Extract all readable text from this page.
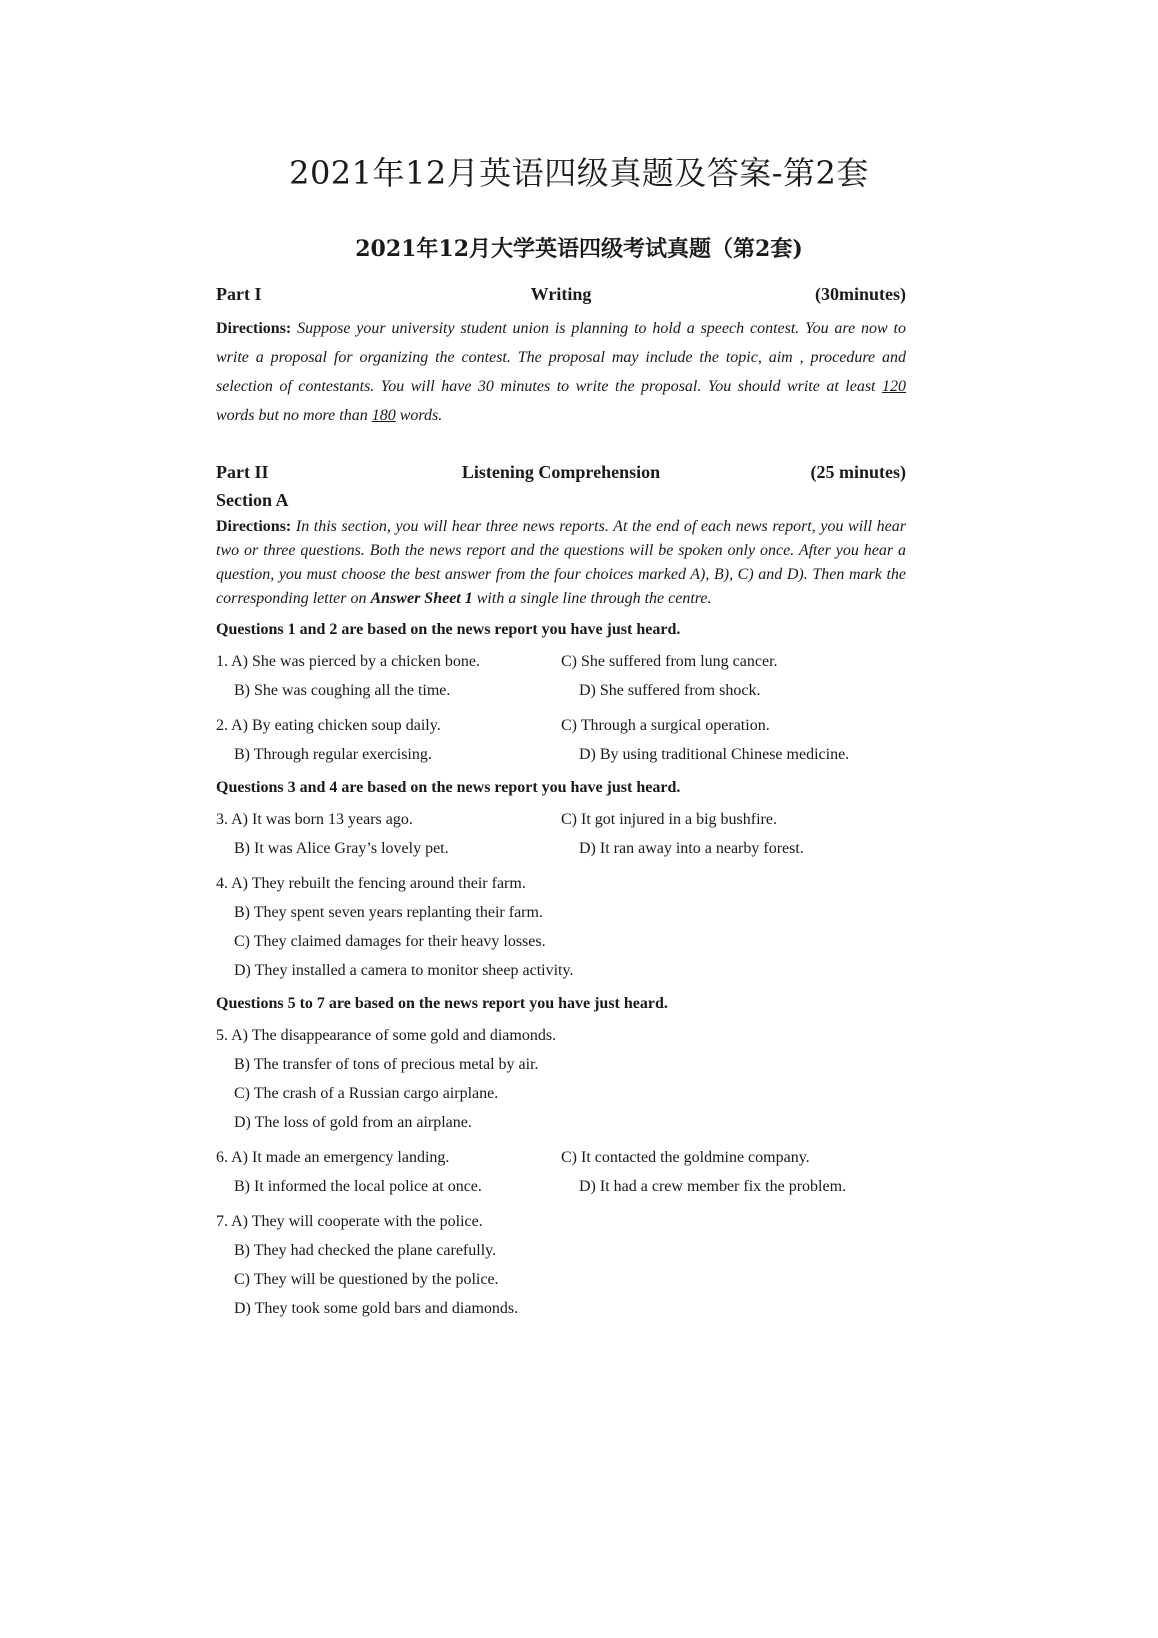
2021年12月英语四级真题及答案-第2套
2021年12月大学英语四级考试真题（第2套)
Part I	Writing	(30minutes)
Directions: Suppose your university student union is planning to hold a speech contest. You are now to write a proposal for organizing the contest. The proposal may include the topic, aim , procedure and selection of contestants. You will have 30 minutes to write the proposal. You should write at least 120 words but no more than 180 words.
Part II	Listening Comprehension	(25 minutes)
Section A
Directions: In this section, you will hear three news reports. At the end of each news report, you will hear two or three questions. Both the news report and the questions will be spoken only once. After you hear a question, you must choose the best answer from the four choices marked A), B), C) and D). Then mark the corresponding letter on Answer Sheet 1 with a single line through the centre.
Questions 1 and 2 are based on the news report you have just heard.
1. A) She was pierced by a chicken bone.	C) She suffered from lung cancer.
B) She was coughing all the time.	D) She suffered from shock.
2. A) By eating chicken soup daily.	C) Through a surgical operation.
B) Through regular exercising.	D) By using traditional Chinese medicine.
Questions 3 and 4 are based on the news report you have just heard.
3. A) It was born 13 years ago.	C) It got injured in a big bushfire.
B) It was Alice Gray’s lovely pet.	D) It ran away into a nearby forest.
4. A) They rebuilt the fencing around their farm.
B) They spent seven years replanting their farm.
C) They claimed damages for their heavy losses.
D) They installed a camera to monitor sheep activity.
Questions 5 to 7 are based on the news report you have just heard.
5. A) The disappearance of some gold and diamonds.
B) The transfer of tons of precious metal by air.
C) The crash of a Russian cargo airplane.
D) The loss of gold from an airplane.
6. A) It made an emergency landing.	C) It contacted the goldmine company.
B) It informed the local police at once.	D) It had a crew member fix the problem.
7. A) They will cooperate with the police.
B) They had checked the plane carefully.
C) They will be questioned by the police.
D) They took some gold bars and diamonds.
